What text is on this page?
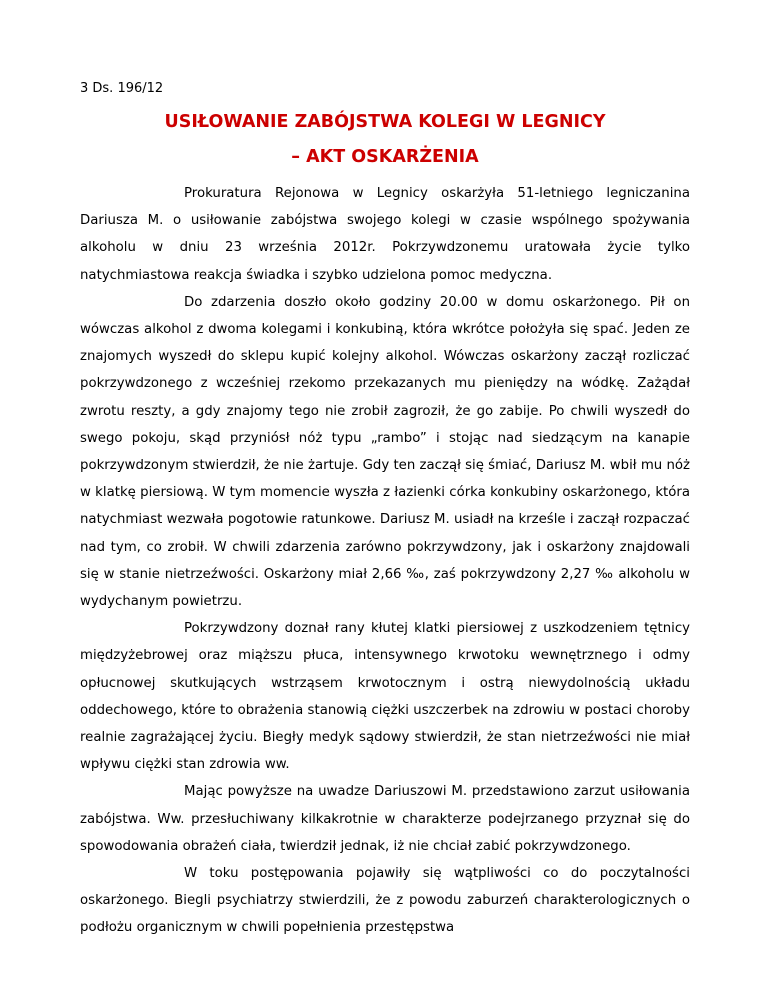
3 Ds. 196/12
USIŁOWANIE ZABÓJSTWA KOLEGI W LEGNICY
– AKT OSKARŻENIA

Prokuratura Rejonowa w Legnicy oskarżyła 51-letniego legniczanina Dariusza M. o usiłowanie zabójstwa swojego kolegi w czasie wspólnego spożywania alkoholu w dniu 23 września 2012r. Pokrzywdzonemu uratowała życie tylko natychmiastowa reakcja świadka i szybko udzielona pomoc medyczna.

Do zdarzenia doszło około godziny 20.00 w domu oskarżonego. Pił on wówczas alkohol z dwoma kolegami i konkubiną, która wkrótce położyła się spać. Jeden ze znajomych wyszedł do sklepu kupić kolejny alkohol. Wówczas oskarżony zaczął rozliczać pokrzywdzonego z wcześniej rzekomo przekazanych mu pieniędzy na wódkę. Zażądał zwrotu reszty, a gdy znajomy tego nie zrobił zagroził, że go zabije. Po chwili wyszedł do swego pokoju, skąd przyniósł nóż typu „rambo” i stojąc nad siedzącym na kanapie pokrzywdzonym stwierdził, że nie żartuje. Gdy ten zaczął się śmiać, Dariusz M. wbił mu nóż w klatkę piersiową. W tym momencie wyszła z łazienki córka konkubiny oskarżonego, która natychmiast wezwała pogotowie ratunkowe. Dariusz M. usiadł na krześle i zaczął rozpaczać nad tym, co zrobił. W chwili zdarzenia zarówno pokrzywdzony, jak i oskarżony znajdowali się w stanie nietrzeźwości. Oskarżony miał 2,66 ‰, zaś pokrzywdzony 2,27 ‰ alkoholu w wydychanym powietrzu.

Pokrzywdzony doznał rany kłutej klatki piersiowej z uszkodzeniem tętnicy międzyżebrowej oraz miąższu płuca, intensywnego krwotoku wewnętrznego i odmy opłucnowej skutkujących wstrząsem krwotocznym i ostrą niewydolnością układu oddechowego, które to obrażenia stanowią ciężki uszczerbek na zdrowiu w postaci choroby realnie zagrażającej życiu. Biegły medyk sądowy stwierdził, że stan nietrzeźwości nie miał wpływu ciężki stan zdrowia ww.

Mając powyższe na uwadze Dariuszowi M. przedstawiono zarzut usiłowania zabójstwa. Ww. przesłuchiwany kilkakrotnie w charakterze podejrzanego przyznał się do spowodowania obrażeń ciała, twierdził jednak, iż nie chciał zabić pokrzywdzonego.

W toku postępowania pojawiły się wątpliwości co do poczytalności oskarżonego. Biegli psychiatrzy stwierdzili, że z powodu zaburzeń charakterologicznych o podłożu organicznym w chwili popełnienia przestępstwa
